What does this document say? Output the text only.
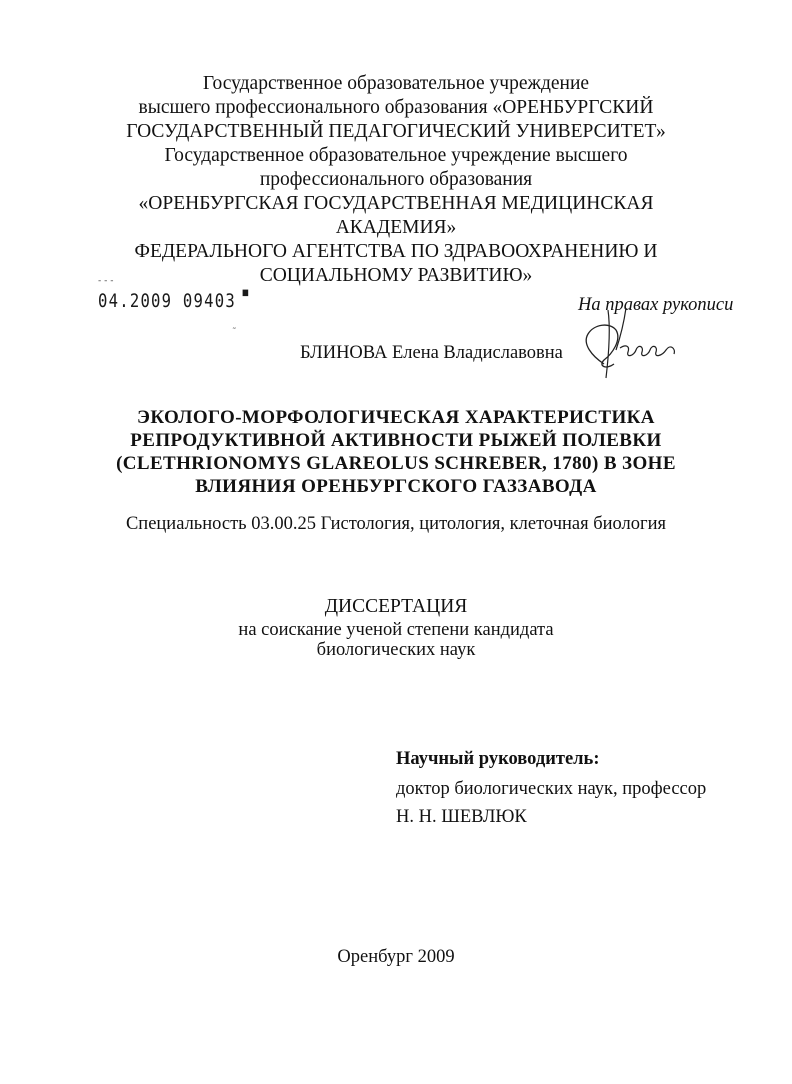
Государственное образовательное учреждение
высшего профессионального образования «ОРЕНБУРГСКИЙ
ГОСУДАРСТВЕННЫЙ ПЕДАГОГИЧЕСКИЙ УНИВЕРСИТЕТ»
Государственное образовательное учреждение высшего
профессионального образования
«ОРЕНБУРГСКАЯ ГОСУДАРСТВЕННАЯ МЕДИЦИНСКАЯ
АКАДЕМИЯ»
ФЕДЕРАЛЬНОГО АГЕНТСТВА ПО ЗДРАВООХРАНЕНИЮ И
СОЦИАЛЬНОМУ РАЗВИТИЮ»
- - -
˷
04.2009 09403 ▀	На правах рукописи
БЛИНОВА Елена Владиславовна
Блинова
ЭКОЛОГО-МОРФОЛОГИЧЕСКАЯ ХАРАКТЕРИСТИКА
РЕПРОДУКТИВНОЙ АКТИВНОСТИ РЫЖЕЙ ПОЛЕВКИ
(CLETHRIONOMYS GLAREOLUS SCHREBER, 1780) В ЗОНЕ
ВЛИЯНИЯ ОРЕНБУРГСКОГО ГАЗЗАВОДА
Специальность 03.00.25 Гистология, цитология, клеточная биология
ДИССЕРТАЦИЯ
на соискание ученой степени кандидата
биологических наук
Научный руководитель:
доктор биологических наук, профессор
Н. Н. ШЕВЛЮК
Оренбург 2009
